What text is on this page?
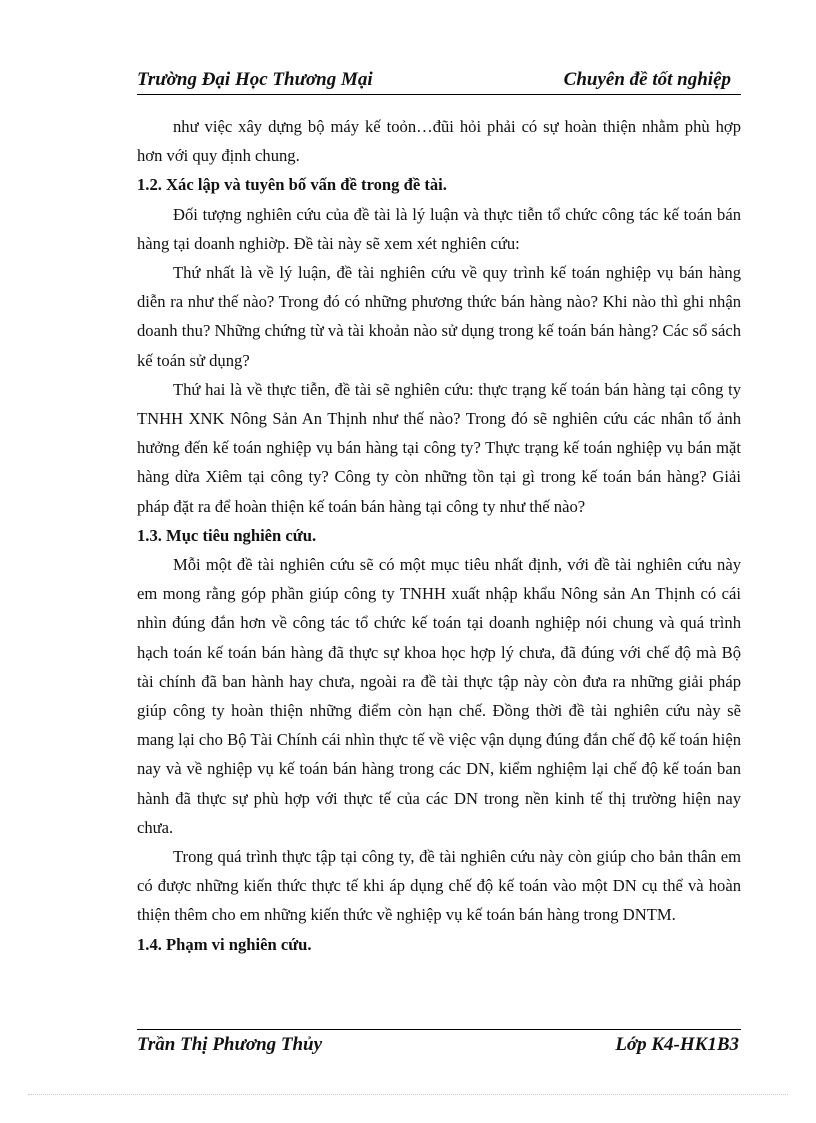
Trường Đại Học Thương Mại	Chuyên đề tốt nghiệp

như việc xây dựng bộ máy kế toỏn…đũi hỏi phải có sự hoàn thiện nhằm phù hợp hơn với quy định chung.

1.2. Xác lập và tuyên bố vấn đề trong đề tài.

Đối tượng nghiên cứu của đề tài là lý luận và thực tiễn tổ chức công tác kế toán bán hàng tại doanh nghiờp. Đề tài này sẽ xem xét nghiên cứu:

Thứ nhất là về lý luận, đề tài nghiên cứu về quy trình kế toán nghiệp vụ bán hàng diễn ra như thế nào? Trong đó có những phương thức bán hàng nào? Khi nào thì ghi nhận doanh thu? Những chứng từ và tài khoản nào sử dụng trong kế toán bán hàng? Các sổ sách kế toán sử dụng?

Thứ hai là về thực tiễn, đề tài sẽ nghiên cứu: thực trạng kế toán bán hàng tại công ty TNHH XNK Nông Sản An Thịnh như thế nào? Trong đó sẽ nghiên cứu các nhân tố ảnh hưởng đến kế toán nghiệp vụ bán hàng tại công ty? Thực trạng kế toán nghiệp vụ bán mặt hàng dừa Xiêm tại công ty? Công ty còn những tồn tại gì trong kế toán bán hàng? Giải pháp đặt ra để hoàn thiện kế toán bán hàng tại công ty như thế nào?

1.3. Mục tiêu nghiên cứu.

Mỗi một đề tài nghiên cứu sẽ có một mục tiêu nhất định, với đề tài nghiên cứu này em mong rằng góp phần giúp công ty TNHH xuất nhập khẩu Nông sản An Thịnh có cái nhìn đúng đắn hơn về công tác tổ chức kế toán tại doanh nghiệp nói chung và quá trình hạch toán kế toán bán hàng đã thực sự khoa học hợp lý chưa, đã đúng với chế độ mà Bộ tài chính đã ban hành hay chưa, ngoài ra đề tài thực tập này còn đưa ra những giải pháp giúp công ty hoàn thiện những điểm còn hạn chế. Đồng thời đề tài nghiên cứu này sẽ mang lại cho Bộ Tài Chính cái nhìn thực tế về việc vận dụng đúng đắn chế độ kế toán hiện nay và về nghiệp vụ kế toán bán hàng trong các DN, kiểm nghiệm lại chế độ kế toán ban hành đã thực sự phù hợp với thực tế của các DN trong nền kinh tế thị trường hiện nay chưa.

Trong quá trình thực tập tại công ty, đề tài nghiên cứu này còn giúp cho bản thân em có được những kiến thức thực tế khi áp dụng chế độ kế toán vào một DN cụ thể và hoàn thiện thêm cho em những kiến thức về nghiệp vụ kế toán bán hàng trong DNTM.

1.4. Phạm vi nghiên cứu.

Trần Thị Phương Thủy	Lớp K4-HK1B3
